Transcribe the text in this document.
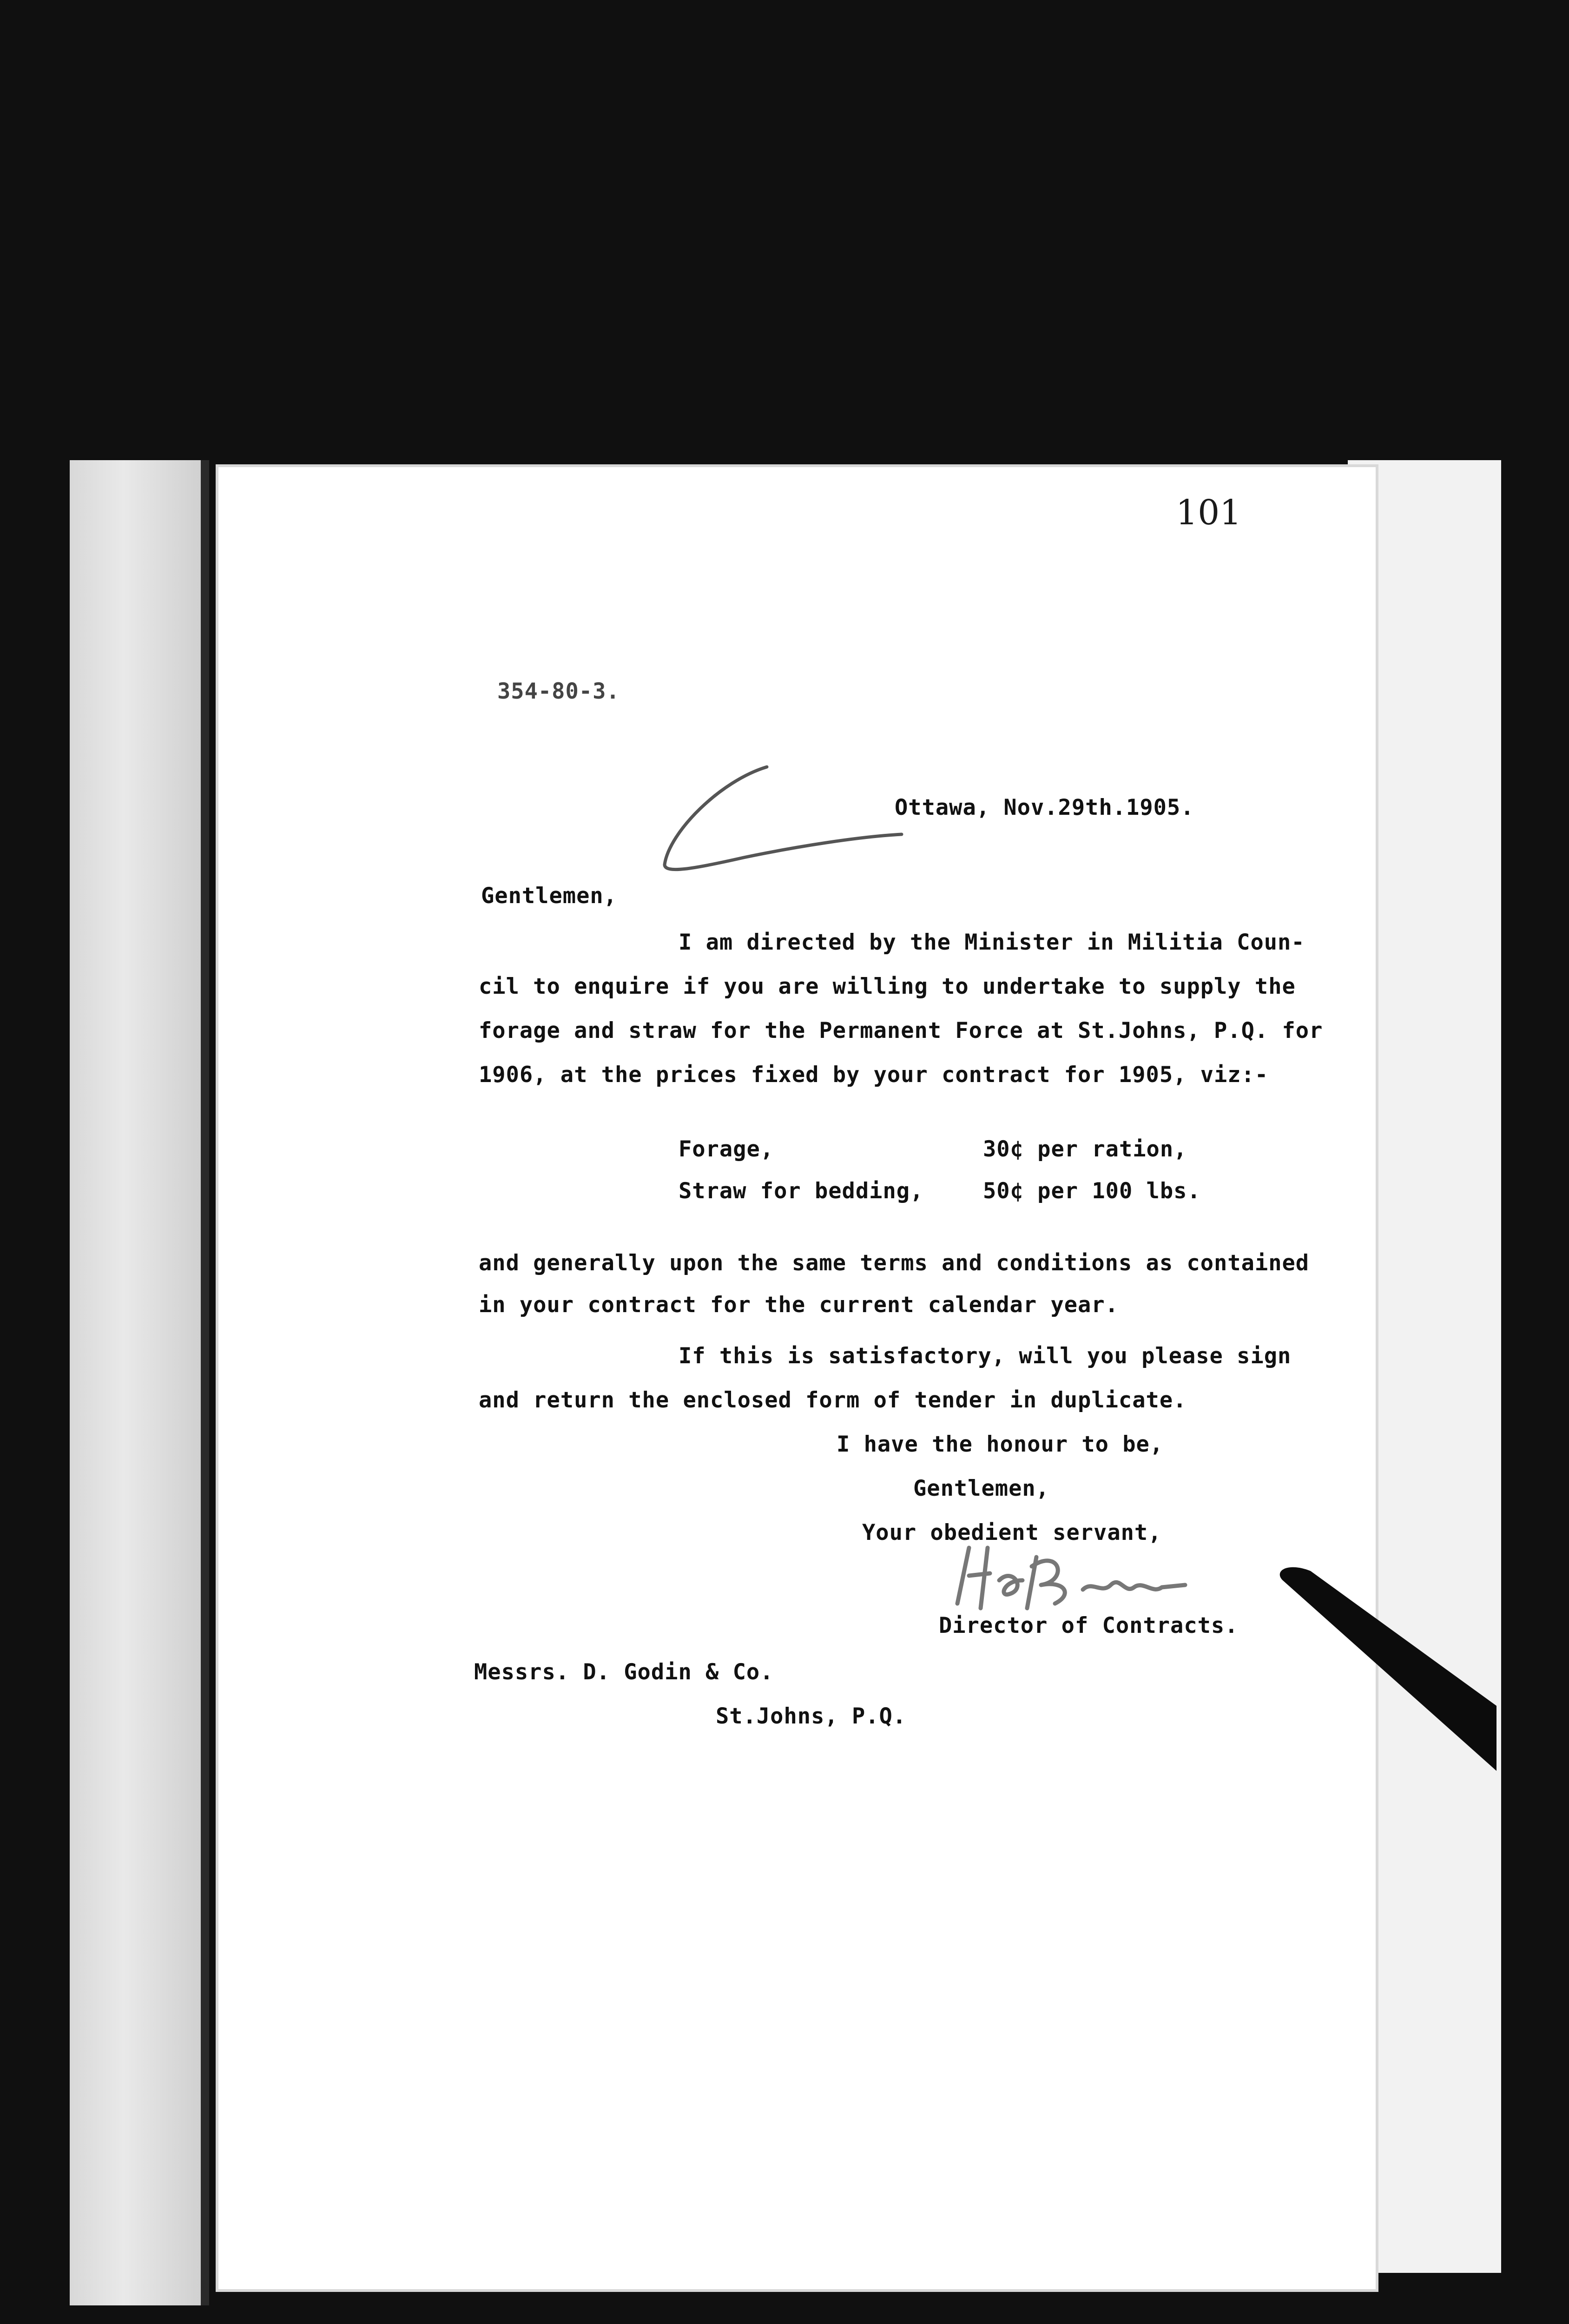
101
354-80-3.
Ottawa, Nov.29th.1905.
Gentlemen,
I am directed by the Minister in Militia Coun-
cil to enquire if you are willing to undertake to supply the
forage and straw for the Permanent Force at St.Johns, P.Q. for
1906, at the prices fixed by your contract for 1905, viz:-
Forage,	30¢ per ration,
Straw for bedding,	50¢ per 100 lbs.
and generally upon the same terms and conditions as contained
in your contract for the current calendar year.
If this is satisfactory, will you please sign
and return the enclosed form of tender in duplicate.
I have the honour to be,
Gentlemen,
Your obedient servant,
Director of Contracts.
Messrs. D. Godin & Co.
St.Johns, P.Q.
